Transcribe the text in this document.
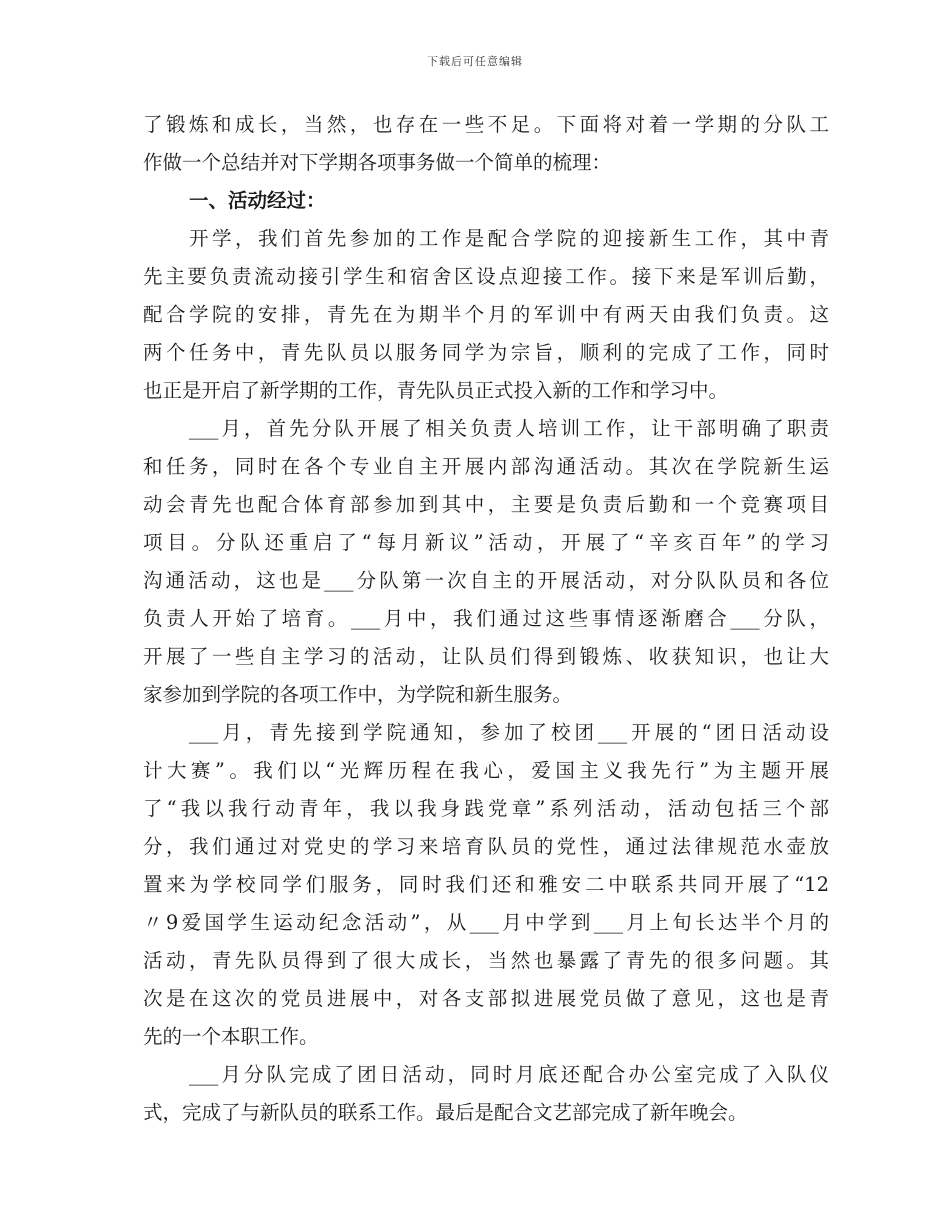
下载后可任意编辑
了锻炼和成长，当然，也存在一些不足。下面将对着一学期的分队工
作做一个总结并对下学期各项事务做一个简单的梳理：
一、活动经过：
开学，我们首先参加的工作是配合学院的迎接新生工作，其中青
先主要负责流动接引学生和宿舍区设点迎接工作。接下来是军训后勤，
配合学院的安排，青先在为期半个月的军训中有两天由我们负责。这
两个任务中，青先队员以服务同学为宗旨，顺利的完成了工作，同时
也正是开启了新学期的工作，青先队员正式投入新的工作和学习中。
___月，首先分队开展了相关负责人培训工作，让干部明确了职责
和任务，同时在各个专业自主开展内部沟通活动。其次在学院新生运
动会青先也配合体育部参加到其中，主要是负责后勤和一个竞赛项目
项目。分队还重启了“每月新议”活动，开展了“辛亥百年”的学习
沟通活动，这也是___分队第一次自主的开展活动，对分队队员和各位
负责人开始了培育。___月中，我们通过这些事情逐渐磨合___分队，
开展了一些自主学习的活动，让队员们得到锻炼、收获知识，也让大
家参加到学院的各项工作中，为学院和新生服务。
___月，青先接到学院通知，参加了校团___开展的“团日活动设
计大赛”。我们以“光辉历程在我心，爱国主义我先行”为主题开展
了“我以我行动青年，我以我身践党章”系列活动，活动包括三个部
分，我们通过对党史的学习来培育队员的党性，通过法律规范水壶放
置来为学校同学们服务，同时我们还和雅安二中联系共同开展了“12
〃9爱国学生运动纪念活动”，从___月中学到___月上旬长达半个月的
活动，青先队员得到了很大成长，当然也暴露了青先的很多问题。其
次是在这次的党员进展中，对各支部拟进展党员做了意见，这也是青
先的一个本职工作。
___月分队完成了团日活动，同时月底还配合办公室完成了入队仪
式，完成了与新队员的联系工作。最后是配合文艺部完成了新年晚会。
